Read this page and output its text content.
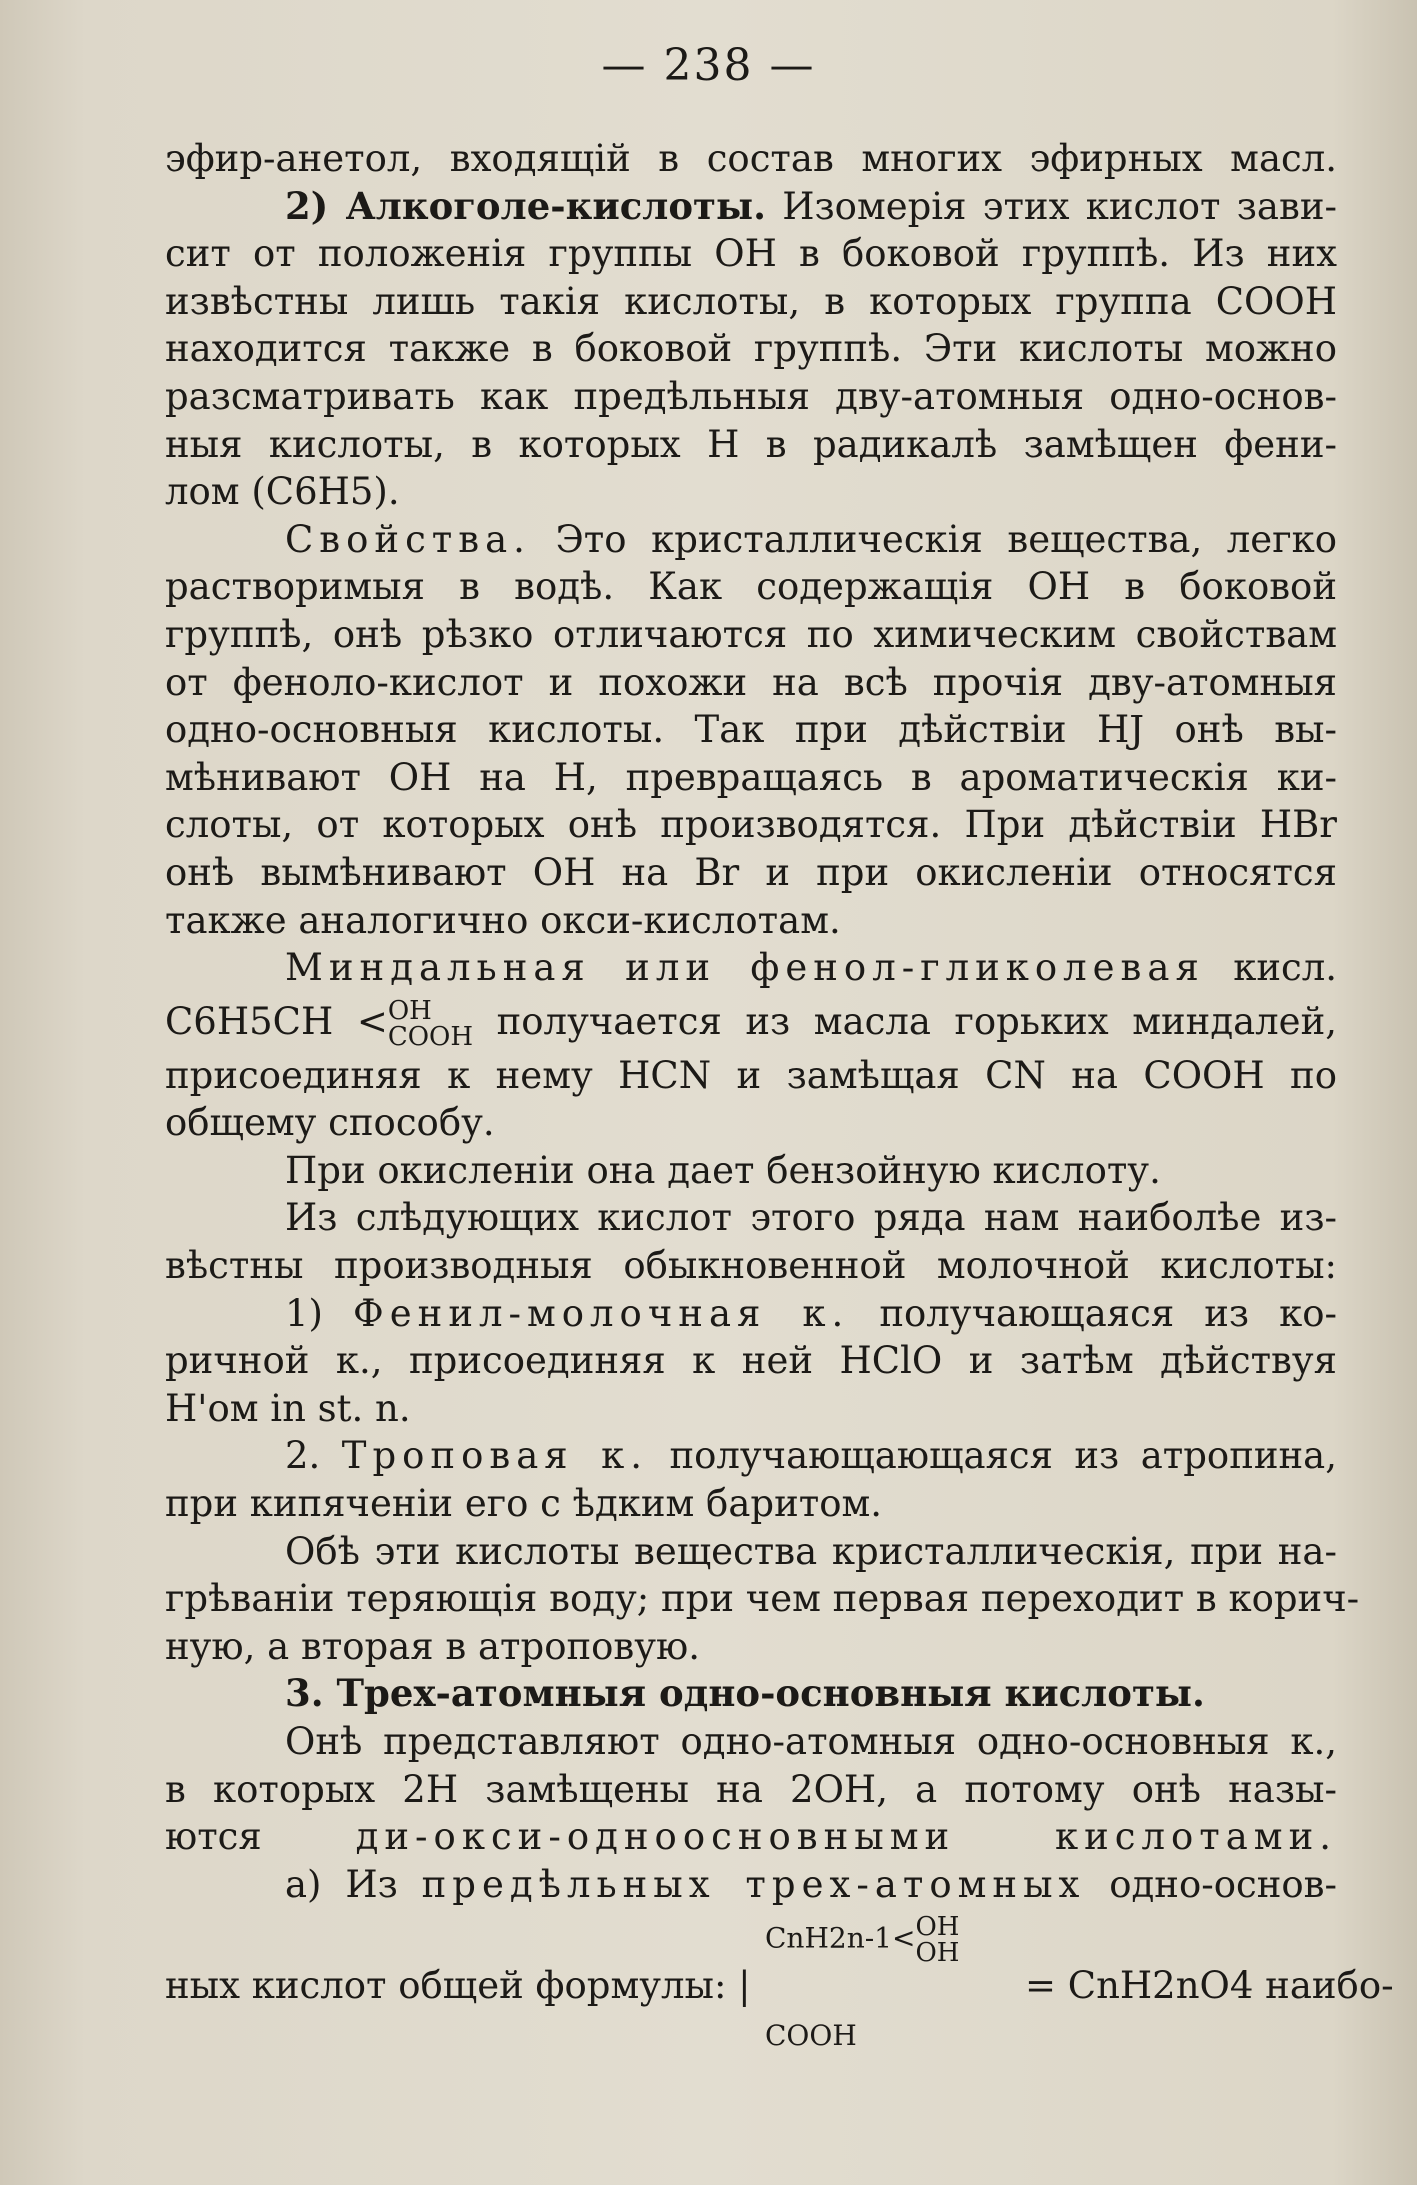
— 238 —
эфир-анетол, входящій в состав многих эфирных масл.
2) Алкоголе-кислоты. Изомерія этих кислот зави-
сит от положенія группы ОН в боковой группѣ. Из них
извѣстны лишь такія кислоты, в которых группа СООН
находится также в боковой группѣ. Эти кислоты можно
разсматривать как предѣльныя дву-атомныя одно-основ-
ныя кислоты, в которых Н в радикалѣ замѣщен фени-
лом (С6Н5).
Свойства. Это кристаллическія вещества, легко
растворимыя в водѣ. Как содержащія ОН в боковой
группѣ, онѣ рѣзко отличаются по химическим свойствам
от феноло-кислот и похожи на всѣ прочія дву-атомныя
одно-основныя кислоты. Так при дѣйствіи НJ онѣ вы-
мѣнивают ОН на Н, превращаясь в ароматическія ки-
слоты, от которых онѣ производятся. При дѣйствіи НВr
онѣ вымѣнивают ОН на Вr и при окисленіи относятся
также аналогично окси-кислотам.
Миндальная или фенол-гликолевая кисл.
С6Н5СН <ОН
СООН получается из масла горьких миндалей,
присоединяя к нему НСN и замѣщая CN на СООН по
общему способу.
При окисленіи она дает бензойную кислоту.
Из слѣдующих кислот этого ряда нам наиболѣе из-
вѣстны производныя обыкновенной молочной кислоты:
1) Фенил-молочная к. получающаяся из ко-
ричной к., присоединяя к ней НСlО и затѣм дѣйствуя
Н'ом in st. n.
2. Троповая к. получающающаяся из атропина,
при кипяченіи его с ѣдким баритом.
Обѣ эти кислоты вещества кристаллическія, при на-
грѣваніи теряющія воду; при чем первая переходит в корич-
ную, а вторая в атроповую.
3. Трех-атомныя одно-основныя кислоты.
Онѣ представляют одно-атомныя одно-основныя к.,
в которых 2Н замѣщены на 2ОН, а потому онѣ назы-
ются	ди-окси-одноосновными кислотами.
а) Из предѣльных трех-атомных одно-основ-
СnН2n-1<ОН
ОН
ных кислот общей формулы: |	= СnН2nО4 наибо-
СООН
